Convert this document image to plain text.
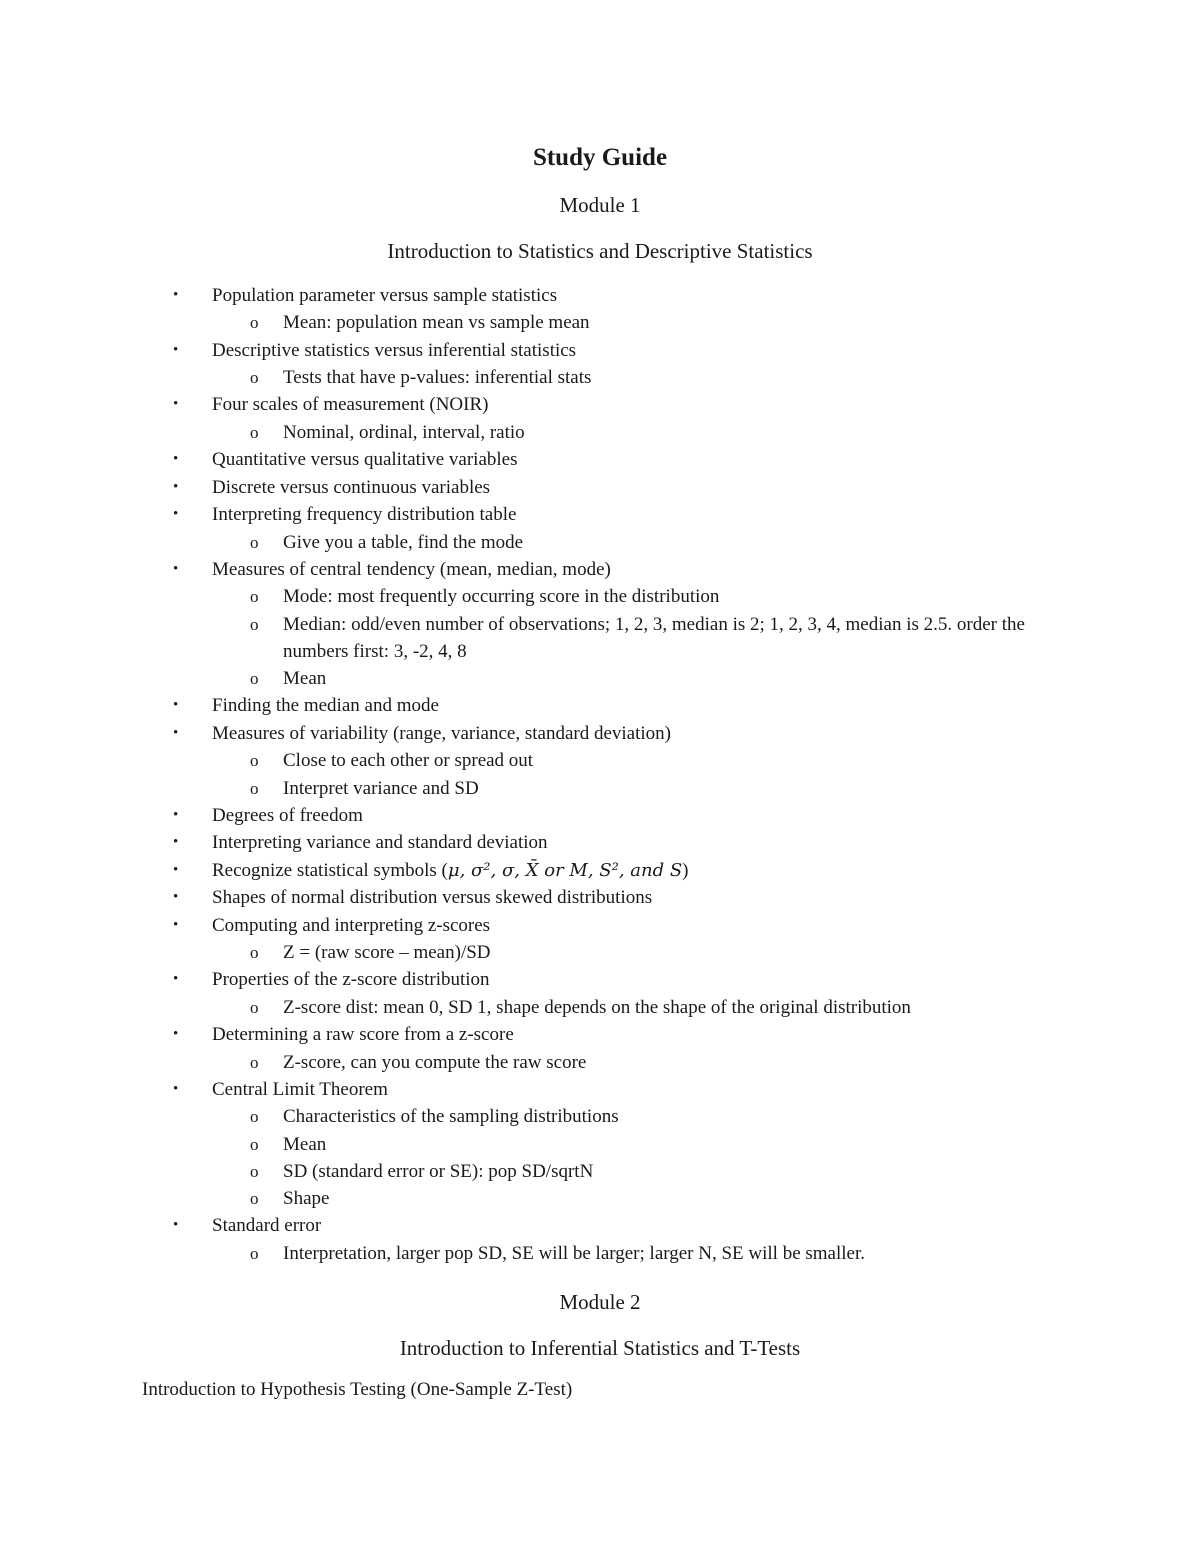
Study Guide
Module 1
Introduction to Statistics and Descriptive Statistics
•	Population parameter versus sample statistics
o Mean: population mean vs sample mean
•	Descriptive statistics versus inferential statistics
o Tests that have p-values: inferential stats
•	Four scales of measurement (NOIR)
o Nominal, ordinal, interval, ratio
•	Quantitative versus qualitative variables
•	Discrete versus continuous variables
•	Interpreting frequency distribution table
o Give you a table, find the mode
•	Measures of central tendency (mean, median, mode)
o Mode: most frequently occurring score in the distribution
o Median: odd/even number of observations; 1, 2, 3, median is 2; 1, 2, 3, 4, median is 2.5. order the numbers first: 3, -2, 4, 8
o Mean
•	Finding the median and mode
•	Measures of variability (range, variance, standard deviation)
o Close to each other or spread out
o Interpret variance and SD
•	Degrees of freedom
•	Interpreting variance and standard deviation
•	Recognize statistical symbols (μ, σ², σ, X̄ or M, S², and S)
•	Shapes of normal distribution versus skewed distributions
•	Computing and interpreting z-scores
o Z = (raw score – mean)/SD
•	Properties of the z-score distribution
o Z-score dist: mean 0, SD 1, shape depends on the shape of the original distribution
•	Determining a raw score from a z-score
o Z-score, can you compute the raw score
•	Central Limit Theorem
o Characteristics of the sampling distributions
o Mean
o SD (standard error or SE): pop SD/sqrtN
o Shape
•	Standard error
o Interpretation, larger pop SD, SE will be larger; larger N, SE will be smaller.
Module 2
Introduction to Inferential Statistics and T-Tests
Introduction to Hypothesis Testing (One-Sample Z-Test)
